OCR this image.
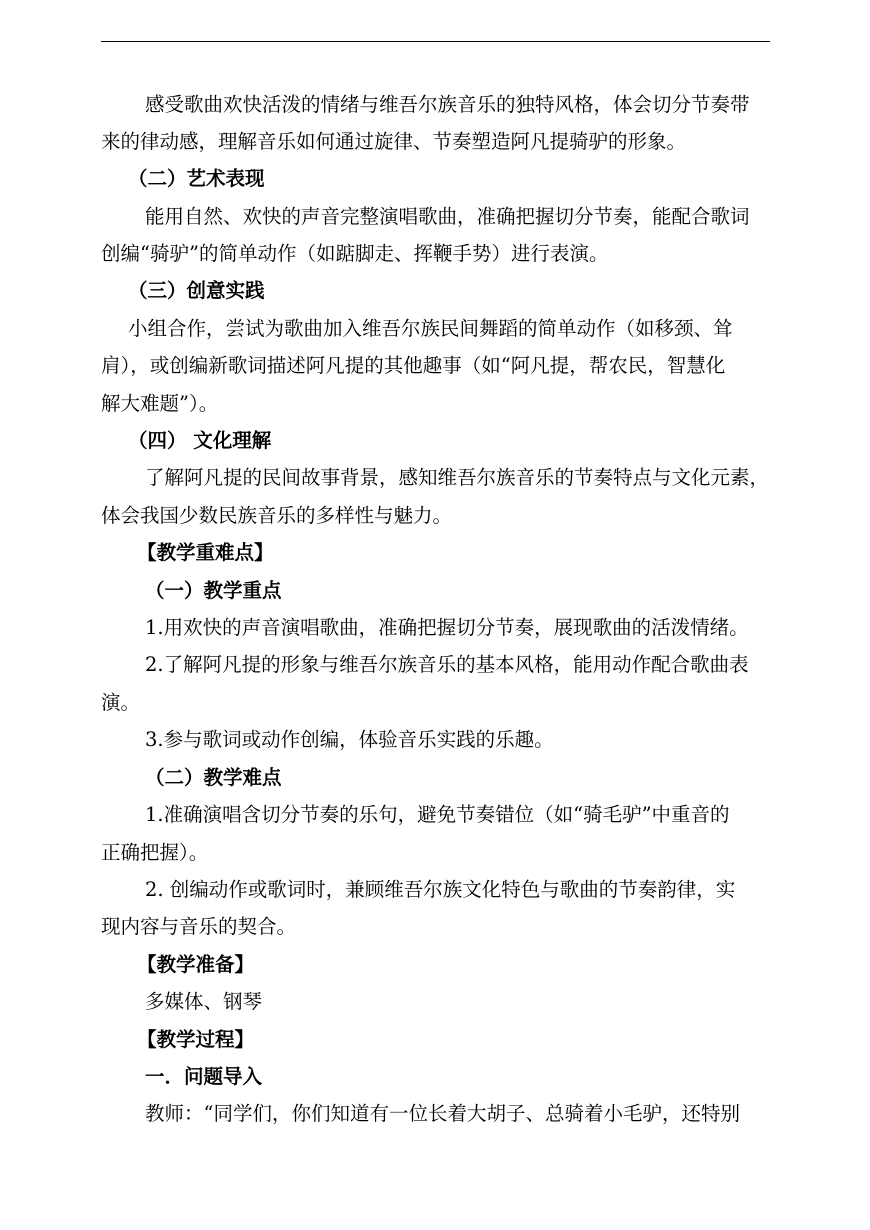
感受歌曲欢快活泼的情绪与维吾尔族音乐的独特风格，体会切分节奏带
来的律动感，理解音乐如何通过旋律、节奏塑造阿凡提骑驴的形象。
（二）艺术表现
能用自然、欢快的声音完整演唱歌曲，准确把握切分节奏，能配合歌词
创编“骑驴”的简单动作（如踮脚走、挥鞭手势）进行表演。
（三）创意实践
小组合作，尝试为歌曲加入维吾尔族民间舞蹈的简单动作（如移颈、耸
肩），或创编新歌词描述阿凡提的其他趣事（如“阿凡提，帮农民，智慧化
解大难题”）。
（四） 文化理解
了解阿凡提的民间故事背景，感知维吾尔族音乐的节奏特点与文化元素，
体会我国少数民族音乐的多样性与魅力。
【教学重难点】
（一）教学重点
1.用欢快的声音演唱歌曲，准确把握切分节奏，展现歌曲的活泼情绪。
2.了解阿凡提的形象与维吾尔族音乐的基本风格，能用动作配合歌曲表
演。
3.参与歌词或动作创编，体验音乐实践的乐趣。
（二）教学难点
1.准确演唱含切分节奏的乐句，避免节奏错位（如“骑毛驴”中重音的
正确把握）。
2. 创编动作或歌词时，兼顾维吾尔族文化特色与歌曲的节奏韵律，实
现内容与音乐的契合。
【教学准备】
多媒体、钢琴
【教学过程】
一．问题导入
教师：“同学们，你们知道有一位长着大胡子、总骑着小毛驴，还特别
